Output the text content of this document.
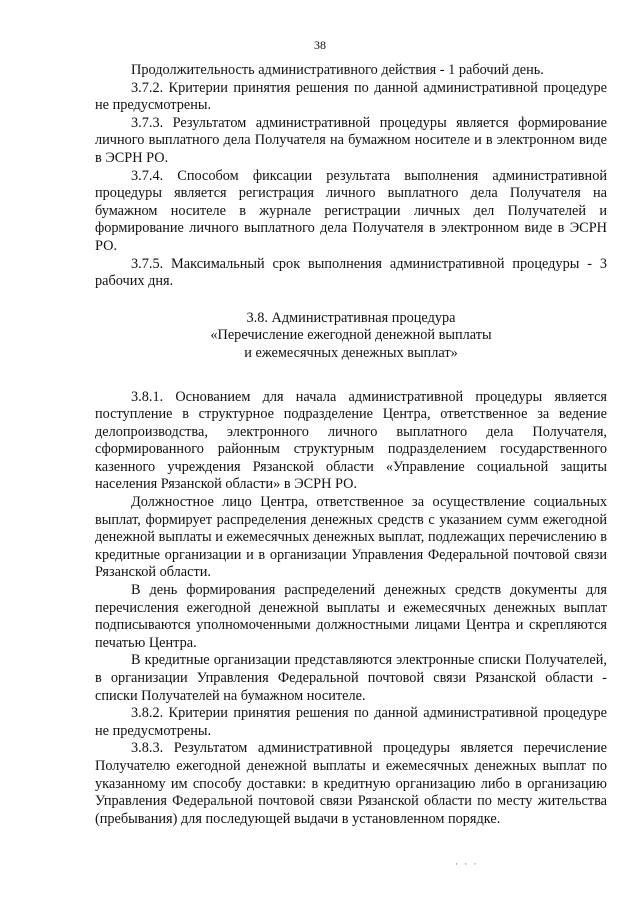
38

Продолжительность административного действия - 1 рабочий день.

3.7.2. Критерии принятия решения по данной административной процедуре не предусмотрены.

3.7.3. Результатом административной процедуры является формирование личного выплатного дела Получателя на бумажном носителе и в электронном виде в ЭСРН РО.

3.7.4. Способом фиксации результата выполнения административной процедуры является регистрация личного выплатного дела Получателя на бумажном носителе в журнале регистрации личных дел Получателей и формирование личного выплатного дела Получателя в электронном виде в ЭСРН РО.

3.7.5. Максимальный срок выполнения административной процедуры - 3 рабочих дня.

3.8. Административная процедура
«Перечисление ежегодной денежной выплаты
и ежемесячных денежных выплат»

3.8.1. Основанием для начала административной процедуры является поступление в структурное подразделение Центра, ответственное за ведение делопроизводства, электронного личного выплатного дела Получателя, сформированного районным структурным подразделением государственного казенного учреждения Рязанской области «Управление социальной защиты населения Рязанской области» в ЭСРН РО.

Должностное лицо Центра, ответственное за осуществление социальных выплат, формирует распределения денежных средств с указанием сумм ежегодной денежной выплаты и ежемесячных денежных выплат, подлежащих перечислению в кредитные организации и в организации Управления Федеральной почтовой связи Рязанской области.

В день формирования распределений денежных средств документы для перечисления ежегодной денежной выплаты и ежемесячных денежных выплат подписываются уполномоченными должностными лицами Центра и скрепляются печатью Центра.

В кредитные организации представляются электронные списки Получателей, в организации Управления Федеральной почтовой связи Рязанской области - списки Получателей на бумажном носителе.

3.8.2. Критерии принятия решения по данной административной процедуре не предусмотрены.

3.8.3. Результатом административной процедуры является перечисление Получателю ежегодной денежной выплаты и ежемесячных денежных выплат по указанному им способу доставки: в кредитную организацию либо в организацию Управления Федеральной почтовой связи Рязанской области по месту жительства (пребывания) для последующей выдачи в установленном порядке.

· · ·
